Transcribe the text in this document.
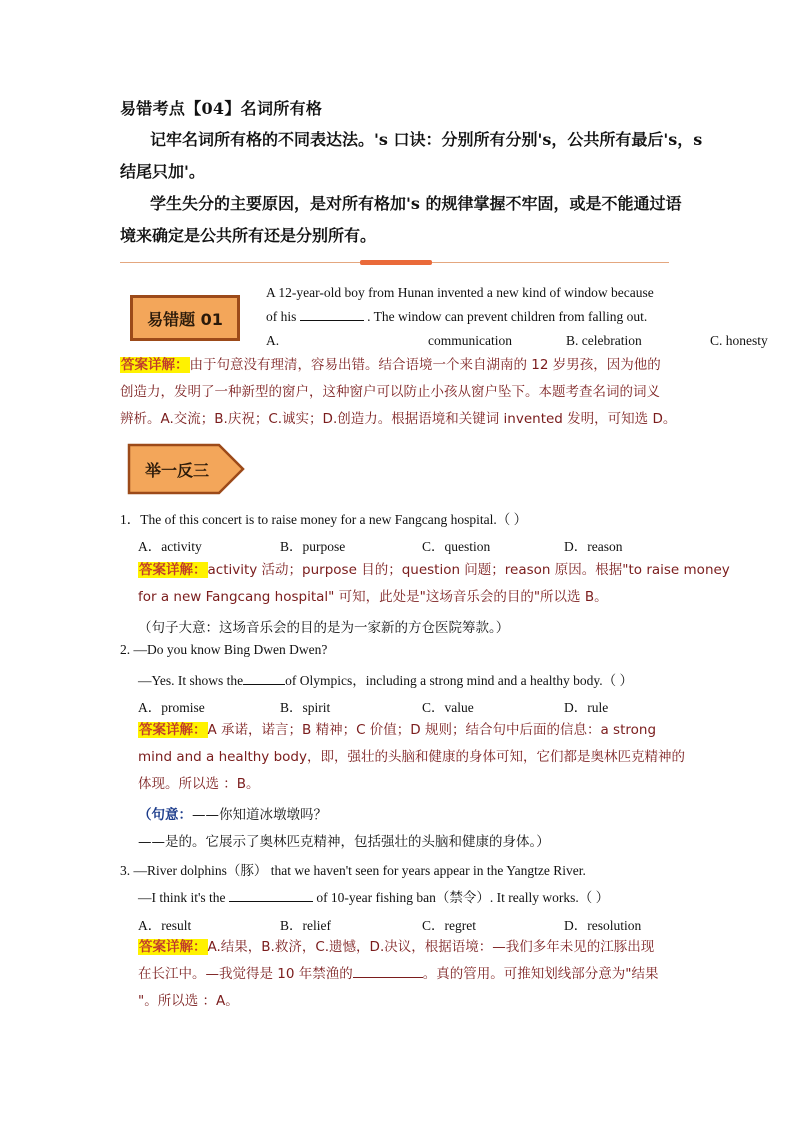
易错考点【04】名词所有格
记牢名词所有格的不同表达法。's 口诀：分别所有分别's，公共所有最后's，s
结尾只加'。
学生失分的主要原因，是对所有格加's 的规律掌握不牢固，或是不能通过语
境来确定是公共所有还是分别所有。
易错题 01
A 12-year-old boy from Hunan invented a new kind of window because
of his	. The window can prevent children from falling out.
A.	communication	B. celebration	C. honesty
答案详解：由于句意没有理清，容易出错。结合语境一个来自湖南的 12 岁男孩，因为他的
创造力，发明了一种新型的窗户，这种窗户可以防止小孩从窗户坠下。本题考查名词的词义
辨析。A.交流；B.庆祝；C.诚实；D.创造力。根据语境和关键词 invented 发明，可知选 D。
举一反三
1．The of this concert is to raise money for a new Fangcang hospital.（ ）
A．activity	B．purpose	C．question	D．reason
答案详解：activity 活动；purpose 目的；question 问题；reason 原因。根据"to raise money
for a new Fangcang hospital" 可知，此处是"这场音乐会的目的"所以选 B。
（句子大意：这场音乐会的目的是为一家新的方仓医院筹款。）
2. —Do you know Bing Dwen Dwen?
—Yes. It shows the	of Olympics，including a strong mind and a healthy body.（ ）
A．promise	B．spirit	C．value	D．rule
答案详解：A 承诺，诺言；B 精神；C 价值；D 规则；结合句中后面的信息：a strong
mind and a healthy body，即，强壮的头脑和健康的身体可知，它们都是奥林匹克精神的
体现。所以选 ：B。
（句意：——你知道冰墩墩吗？
——是的。它展示了奥林匹克精神，包括强壮的头脑和健康的身体。）
3. —River dolphins（豚） that we haven't seen for years appear in the Yangtze River.
—I think it's the	of 10-year fishing ban（禁令）. It really works.（ ）
A．result	B．relief	C．regret	D．resolution
答案详解：A.结果，B.救济，C.遗憾，D.决议，根据语境：—我们多年未见的江豚出现
在长江中。—我觉得是 10 年禁渔的	。真的管用。可推知划线部分意为"结果
"。所以选 ：A。
